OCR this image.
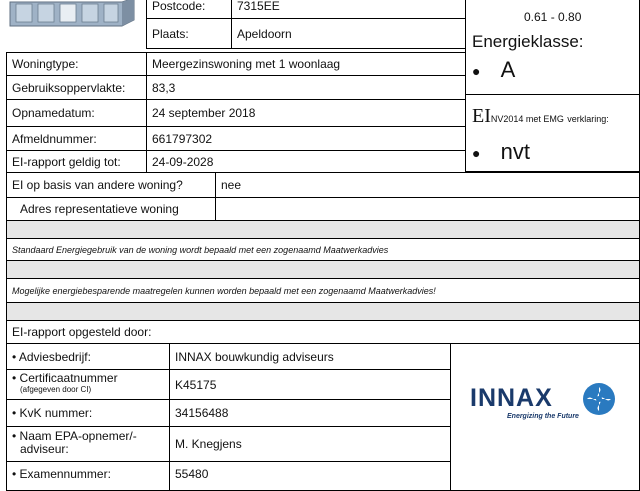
Postcode:	7315EE
Plaats:	Apeldoorn
0.61 - 0.80
Energieklasse:
● A
EINV2014 met EMG verklaring:
● nvt
Woningtype:	Meergezinswoning met 1 woonlaag
Gebruiksoppervlakte: 83,3
Opnamedatum:	24 september 2018
Afmeldnummer:	661797302
EI-rapport geldig tot:	24-09-2028
EI op basis van andere woning?	nee
Adres representatieve woning
Standaard Energiegebruik van de woning wordt bepaald met een zogenaamd Maatwerkadvies
Mogelijke energiebesparende maatregelen kunnen worden bepaald met een zogenaamd Maatwerkadvies!
EI-rapport opgesteld door:
• Adviesbedrijf:	INNAX bouwkundig adviseurs
• Certificaatnummer
(afgegeven door CI)	K45175
• KvK nummer:	34156488
• Naam EPA-opnemer/-
adviseur:	M. Knegjens
• Examennummer:	55480
INNAX
Energizing the Future
